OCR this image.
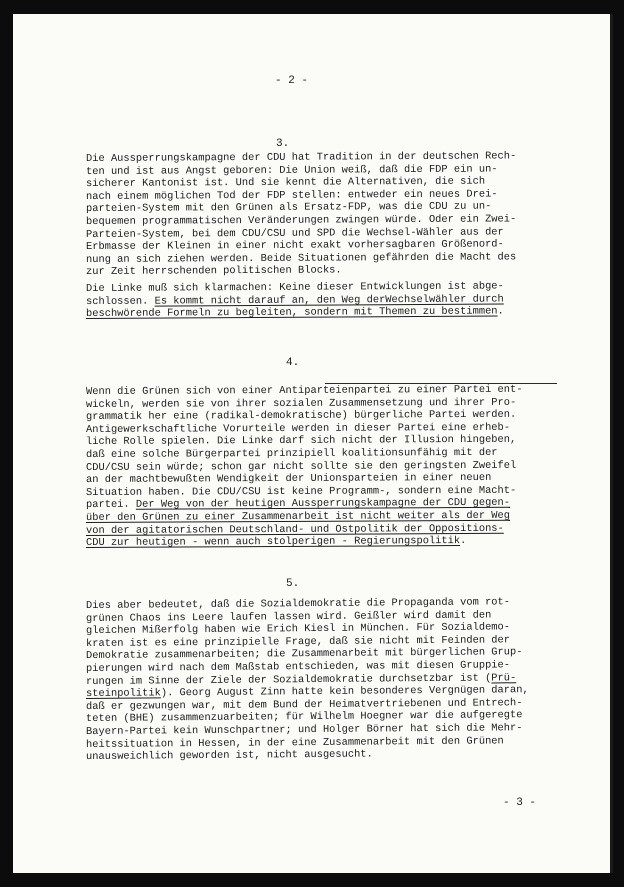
- 2 -
3.
Die Aussperrungskampagne der CDU hat Tradition in der deutschen Rech-
ten und ist aus Angst geboren: Die Union weiß, daß die FDP ein un-
sicherer Kantonist ist. Und sie kennt die Alternativen, die sich
nach einem möglichen Tod der FDP stellen: entweder ein neues Drei-
parteien-System mit den Grünen als Ersatz-FDP, was die CDU zu un-
bequemen programmatischen Veränderungen zwingen würde. Oder ein Zwei-
Parteien-System, bei dem CDU/CSU und SPD die Wechsel-Wähler aus der
Erbmasse der Kleinen in einer nicht exakt vorhersagbaren Größenord-
nung an sich ziehen werden. Beide Situationen gefährden die Macht des
zur Zeit herrschenden politischen Blocks.
Die Linke muß sich klarmachen: Keine dieser Entwicklungen ist abge-
schlossen. Es kommt nicht darauf an, den Weg derWechselwähler durch
beschwörende Formeln zu begleiten, sondern mit Themen zu bestimmen.
4.
Wenn die Grünen sich von einer Antiparteienpartei zu einer Partei ent-
wickeln, werden sie von ihrer sozialen Zusammensetzung und ihrer Pro-
grammatik her eine (radikal-demokratische) bürgerliche Partei werden.
Antigewerkschaftliche Vorurteile werden in dieser Partei eine erheb-
liche Rolle spielen. Die Linke darf sich nicht der Illusion hingeben,
daß eine solche Bürgerpartei prinzipiell koalitionsunfähig mit der
CDU/CSU sein würde; schon gar nicht sollte sie den geringsten Zweifel
an der machtbewußten Wendigkeit der Unionsparteien in einer neuen
Situation haben. Die CDU/CSU ist keine Programm-, sondern eine Macht-
partei. Der Weg von der heutigen Aussperrungskampagne der CDU gegen-
über den Grünen zu einer Zusammenarbeit ist nicht weiter als der Weg
von der agitatorischen Deutschland- und Ostpolitik der Oppositions-
CDU zur heutigen - wenn auch stolperigen - Regierungspolitik.
5.
Dies aber bedeutet, daß die Sozialdemokratie die Propaganda vom rot-
grünen Chaos ins Leere laufen lassen wird. Geißler wird damit den
gleichen Mißerfolg haben wie Erich Kiesl in München. Für Sozialdemo-
kraten ist es eine prinzipielle Frage, daß sie nicht mit Feinden der
Demokratie zusammenarbeiten; die Zusammenarbeit mit bürgerlichen Grup-
pierungen wird nach dem Maßstab entschieden, was mit diesen Gruppie-
rungen im Sinne der Ziele der Sozialdemokratie durchsetzbar ist (Prü-
steinpolitik). Georg August Zinn hatte kein besonderes Vergnügen daran,
daß er gezwungen war, mit dem Bund der Heimatvertriebenen und Entrech-
teten (BHE) zusammenzuarbeiten; für Wilhelm Hoegner war die aufgeregte
Bayern-Partei kein Wunschpartner; und Holger Börner hat sich die Mehr-
heitssituation in Hessen, in der eine Zusammenarbeit mit den Grünen
unausweichlich geworden ist, nicht ausgesucht.
- 3 -
